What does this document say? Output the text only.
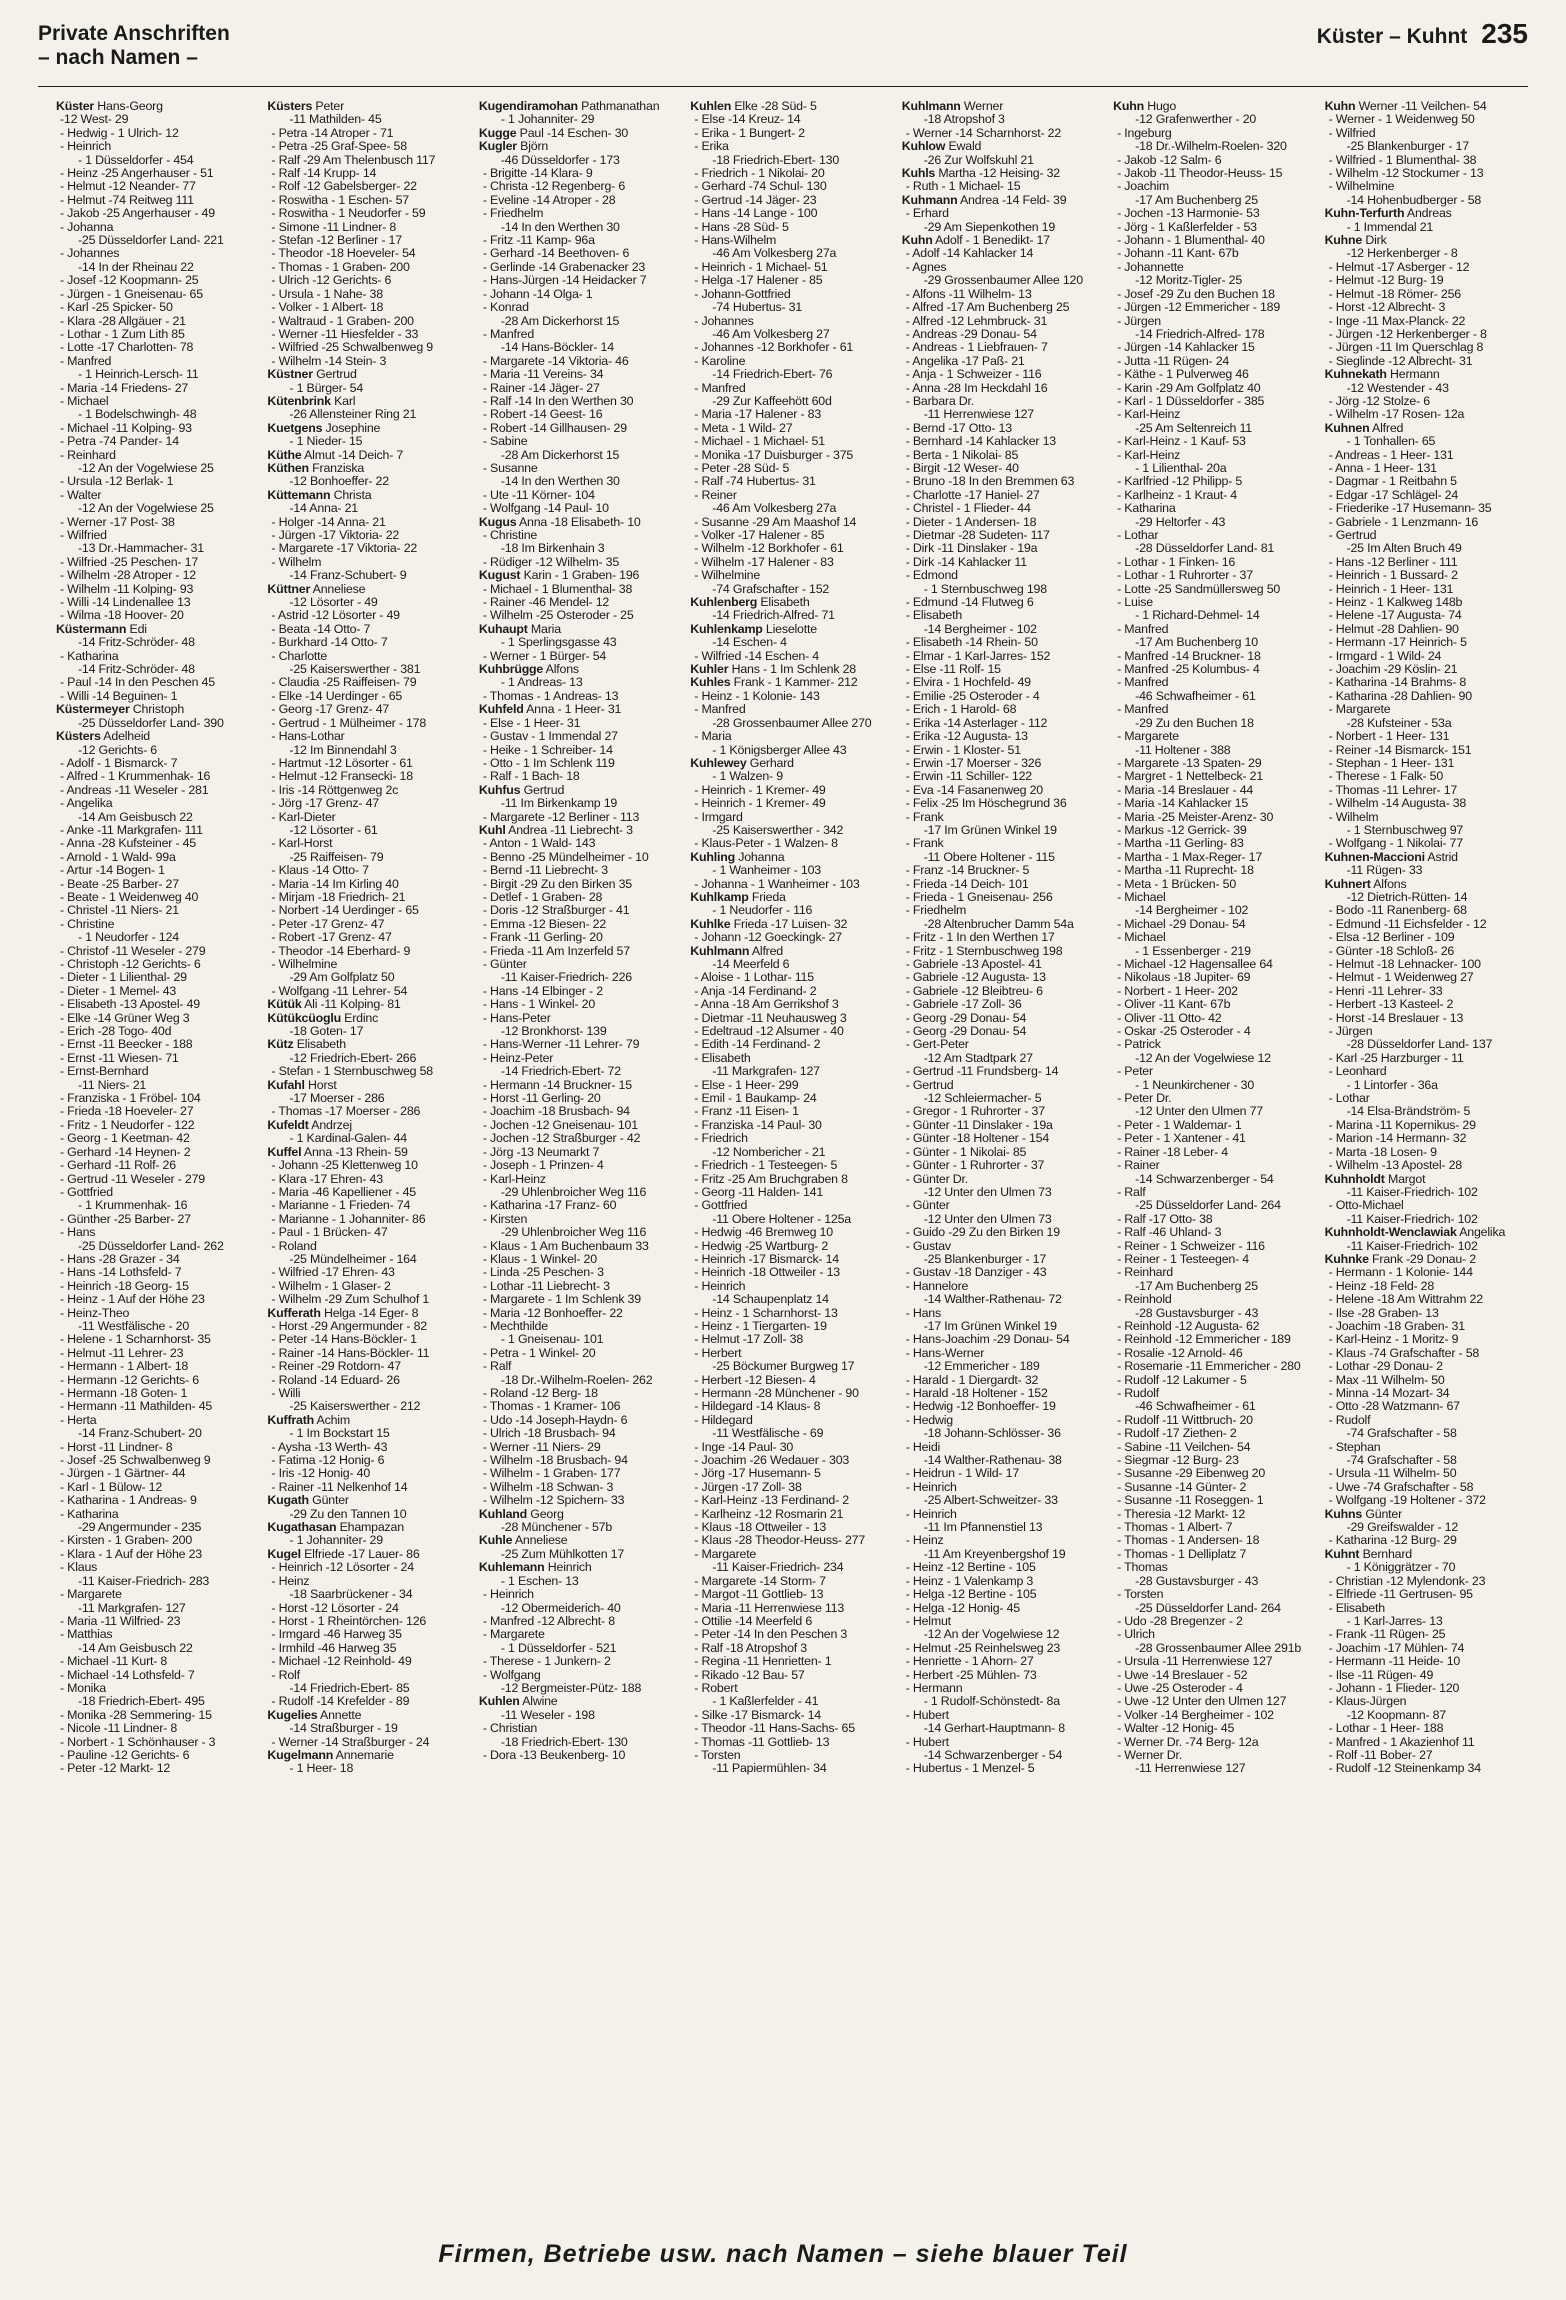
Private Anschriften
– nach Namen –
Küster – Kuhnt 235
Küster Hans-Georg
-12 West- 29
- Hedwig - 1 Ulrich- 12
- Heinrich
- 1 Düsseldorfer - 454
- Heinz -25 Angerhauser - 51
- Helmut -12 Neander- 77
- Helmut -74 Reitweg 111
- Jakob -25 Angerhauser - 49
- Johanna
-25 Düsseldorfer Land- 221
- Johannes
-14 In der Rheinau 22
- Josef -12 Koopmann- 25
- Jürgen - 1 Gneisenau- 65
- Karl -25 Spicker- 50
- Klara -28 Allgäuer - 21
- Lothar - 1 Zum Lith 85
- Lotte -17 Charlotten- 78
- Manfred
- 1 Heinrich-Lersch- 11
- Maria -14 Friedens- 27
- Michael
- 1 Bodelschwingh- 48
- Michael -11 Kolping- 93
- Petra -74 Pander- 14
- Reinhard
-12 An der Vogelwiese 25
- Ursula -12 Berlak- 1
- Walter
-12 An der Vogelwiese 25
- Werner -17 Post- 38
- Wilfried
-13 Dr.-Hammacher- 31
- Wilfried -25 Peschen- 17
- Wilhelm -28 Atroper - 12
- Wilhelm -11 Kolping- 93
- Willi -14 Lindenallee 13
- Wilma -18 Hoover- 20
Küstermann Edi
-14 Fritz-Schröder- 48
- Katharina
-14 Fritz-Schröder- 48
- Paul -14 In den Peschen 45
- Willi -14 Beguinen- 1
Küstermeyer Christoph
-25 Düsseldorfer Land- 390
Küsters Adelheid
-12 Gerichts- 6
- Adolf - 1 Bismarck- 7
- Alfred - 1 Krummenhak- 16
- Andreas -11 Weseler - 281
- Angelika
-14 Am Geisbusch 22
- Anke -11 Markgrafen- 111
- Anna -28 Kufsteiner - 45
- Arnold - 1 Wald- 99a
- Artur -14 Bogen- 1
- Beate -25 Barber- 27
- Beate - 1 Weidenweg 40
- Christel -11 Niers- 21
- Christine
- 1 Neudorfer - 124
- Christof -11 Weseler - 279
- Christoph -12 Gerichts- 6
- Dieter - 1 Lilienthal- 29
- Dieter - 1 Memel- 43
- Elisabeth -13 Apostel- 49
- Elke -14 Grüner Weg 3
- Erich -28 Togo- 40d
- Ernst -11 Beecker - 188
- Ernst -11 Wiesen- 71
- Ernst-Bernhard
-11 Niers- 21
- Franziska - 1 Fröbel- 104
- Frieda -18 Hoeveler- 27
- Fritz - 1 Neudorfer - 122
- Georg - 1 Keetman- 42
- Gerhard -14 Heynen- 2
- Gerhard -11 Rolf- 26
- Gertrud -11 Weseler - 279
- Gottfried
- 1 Krummenhak- 16
- Günther -25 Barber- 27
- Hans
-25 Düsseldorfer Land- 262
- Hans -28 Grazer - 34
- Hans -14 Lothsfeld- 7
- Heinrich -18 Georg- 15
- Heinz - 1 Auf der Höhe 23
- Heinz-Theo
-11 Westfälische - 20
- Helene - 1 Scharnhorst- 35
- Helmut -11 Lehrer- 23
- Hermann - 1 Albert- 18
- Hermann -12 Gerichts- 6
- Hermann -18 Goten- 1
- Hermann -11 Mathilden- 45
- Herta
-14 Franz-Schubert- 20
- Horst -11 Lindner- 8
- Josef -25 Schwalbenweg 9
- Jürgen - 1 Gärtner- 44
- Karl - 1 Bülow- 12
- Katharina - 1 Andreas- 9
- Katharina
-29 Angermunder - 235
- Kirsten - 1 Graben- 200
- Klara - 1 Auf der Höhe 23
- Klaus
-11 Kaiser-Friedrich- 283
- Margarete
-11 Markgrafen- 127
- Maria -11 Wilfried- 23
- Matthias
-14 Am Geisbusch 22
- Michael -11 Kurt- 8
- Michael -14 Lothsfeld- 7
- Monika
-18 Friedrich-Ebert- 495
- Monika -28 Semmering- 15
- Nicole -11 Lindner- 8
- Norbert - 1 Schönhauser - 3
- Pauline -12 Gerichts- 6
- Peter -12 Markt- 12
Küsters Peter
-11 Mathilden- 45
- Petra -14 Atroper - 71
- Petra -25 Graf-Spee- 58
- Ralf -29 Am Thelenbusch 117
- Ralf -14 Krupp- 14
- Rolf -12 Gabelsberger- 22
- Roswitha - 1 Eschen- 57
- Roswitha - 1 Neudorfer - 59
- Simone -11 Lindner- 8
- Stefan -12 Berliner - 17
- Theodor -18 Hoeveler- 54
- Thomas - 1 Graben- 200
- Ulrich -12 Gerichts- 6
- Ursula - 1 Nahe- 38
- Volker - 1 Albert- 18
- Waltraud - 1 Graben- 200
- Werner -11 Hiesfelder - 33
- Wilfried -25 Schwalbenweg 9
- Wilhelm -14 Stein- 3
Küstner Gertrud
- 1 Bürger- 54
Kütenbrink Karl
-26 Allensteiner Ring 21
Kuetgens Josephine
- 1 Nieder- 15
Küthe Almut -14 Deich- 7
Küthen Franziska
-12 Bonhoeffer- 22
Küttemann Christa
-14 Anna- 21
- Holger -14 Anna- 21
- Jürgen -17 Viktoria- 22
- Margarete -17 Viktoria- 22
- Wilhelm
-14 Franz-Schubert- 9
Küttner Anneliese
-12 Lösorter - 49
- Astrid -12 Lösorter - 49
- Beata -14 Otto- 7
- Burkhard -14 Otto- 7
- Charlotte
-25 Kaiserswerther - 381
- Claudia -25 Raiffeisen- 79
- Elke -14 Uerdinger - 65
- Georg -17 Grenz- 47
- Gertrud - 1 Mülheimer - 178
- Hans-Lothar
-12 Im Binnendahl 3
- Hartmut -12 Lösorter - 61
- Helmut -12 Fransecki- 18
- Iris -14 Röttgenweg 2c
- Jörg -17 Grenz- 47
- Karl-Dieter
-12 Lösorter - 61
- Karl-Horst
-25 Raiffeisen- 79
- Klaus -14 Otto- 7
- Maria -14 Im Kirling 40
- Mirjam -18 Friedrich- 21
- Norbert -14 Uerdinger - 65
- Peter -17 Grenz- 47
- Robert -17 Grenz- 47
- Theodor -14 Eberhard- 9
- Wilhelmine
-29 Am Golfplatz 50
- Wolfgang -11 Lehrer- 54
Kütük Ali -11 Kolping- 81
Kütükcüoglu Erdinc
-18 Goten- 17
Kütz Elisabeth
-12 Friedrich-Ebert- 266
- Stefan - 1 Sternbuschweg 58
Kufahl Horst
-17 Moerser - 286
- Thomas -17 Moerser - 286
Kufeldt Andrzej
- 1 Kardinal-Galen- 44
Kuffel Anna -13 Rhein- 59
- Johann -25 Klettenweg 10
- Klara -17 Ehren- 43
- Maria -46 Kapelliener - 45
- Marianne - 1 Frieden- 74
- Marianne - 1 Johanniter- 86
- Paul - 1 Brücken- 47
- Roland
-25 Mündelheimer - 164
- Wilfried -17 Ehren- 43
- Wilhelm - 1 Glaser- 2
- Wilhelm -29 Zum Schulhof 1
Kufferath Helga -14 Eger- 8
- Horst -29 Angermunder - 82
- Peter -14 Hans-Böckler- 1
- Rainer -14 Hans-Böckler- 11
- Reiner -29 Rotdorn- 47
- Roland -14 Eduard- 26
- Willi
-25 Kaiserswerther - 212
Kuffrath Achim
- 1 Im Bockstart 15
- Aysha -13 Werth- 43
- Fatima -12 Honig- 6
- Iris -12 Honig- 40
- Rainer -11 Nelkenhof 14
Kugath Günter
-29 Zu den Tannen 10
Kugathasan Ehampazan
- 1 Johanniter- 29
Kugel Elfriede -17 Lauer- 86
- Heinrich -12 Lösorter - 24
- Heinz
-18 Saarbrückener - 34
- Horst -12 Lösorter - 24
- Horst - 1 Rheintörchen- 126
- Irmgard -46 Harweg 35
- Irmhild -46 Harweg 35
- Michael -12 Reinhold- 49
- Rolf
-14 Friedrich-Ebert- 85
- Rudolf -14 Krefelder - 89
Kugelies Annette
-14 Straßburger - 19
- Werner -14 Straßburger - 24
Kugelmann Annemarie
- 1 Heer- 18
Kugendiramohan Pathmanathan
- 1 Johanniter- 29
Kugge Paul -14 Eschen- 30
Kugler Björn
-46 Düsseldorfer - 173
- Brigitte -14 Klara- 9
- Christa -12 Regenberg- 6
- Eveline -14 Atroper - 28
- Friedhelm
-14 In den Werthen 30
- Fritz -11 Kamp- 96a
- Gerhard -14 Beethoven- 6
- Gerlinde -14 Grabenacker 23
- Hans-Jürgen -14 Heidacker 7
- Johann -14 Olga- 1
- Konrad
-28 Am Dickerhorst 15
- Manfred
-14 Hans-Böckler- 14
- Margarete -14 Viktoria- 46
- Maria -11 Vereins- 34
- Rainer -14 Jäger- 27
- Ralf -14 In den Werthen 30
- Robert -14 Geest- 16
- Robert -14 Gillhausen- 29
- Sabine
-28 Am Dickerhorst 15
- Susanne
-14 In den Werthen 30
- Ute -11 Körner- 104
- Wolfgang -14 Paul- 10
Kugus Anna -18 Elisabeth- 10
- Christine
-18 Im Birkenhain 3
- Rüdiger -12 Wilhelm- 35
Kugust Karin - 1 Graben- 196
- Michael - 1 Blumenthal- 38
- Rainer -46 Mendel- 12
- Wilhelm -25 Osteroder - 25
Kuhaupt Maria
- 1 Sperlingsgasse 43
- Werner - 1 Bürger- 54
Kuhbrügge Alfons
- 1 Andreas- 13
- Thomas - 1 Andreas- 13
Kuhfeld Anna - 1 Heer- 31
- Else - 1 Heer- 31
- Gustav - 1 Immendal 27
- Heike - 1 Schreiber- 14
- Otto - 1 Im Schlenk 119
- Ralf - 1 Bach- 18
Kuhfus Gertrud
-11 Im Birkenkamp 19
- Margarete -12 Berliner - 113
Kuhl Andrea -11 Liebrecht- 3
- Anton - 1 Wald- 143
- Benno -25 Mündelheimer - 10
- Bernd -11 Liebrecht- 3
- Birgit -29 Zu den Birken 35
- Detlef - 1 Graben- 28
- Doris -12 Straßburger - 41
- Emma -12 Biesen- 22
- Frank -11 Gerling- 20
- Frieda -11 Am Inzerfeld 57
- Günter
-11 Kaiser-Friedrich- 226
- Hans -14 Elbinger - 2
- Hans - 1 Winkel- 20
- Hans-Peter
-12 Bronkhorst- 139
- Hans-Werner -11 Lehrer- 79
- Heinz-Peter
-14 Friedrich-Ebert- 72
- Hermann -14 Bruckner- 15
- Horst -11 Gerling- 20
- Joachim -18 Brusbach- 94
- Jochen -12 Gneisenau- 101
- Jochen -12 Straßburger - 42
- Jörg -13 Neumarkt 7
- Joseph - 1 Prinzen- 4
- Karl-Heinz
-29 Uhlenbroicher Weg 116
- Katharina -17 Franz- 60
- Kirsten
-29 Uhlenbroicher Weg 116
- Klaus - 1 Am Buchenbaum 33
- Klaus - 1 Winkel- 20
- Linda -25 Peschen- 3
- Lothar -11 Liebrecht- 3
- Margarete - 1 Im Schlenk 39
- Maria -12 Bonhoeffer- 22
- Mechthilde
- 1 Gneisenau- 101
- Petra - 1 Winkel- 20
- Ralf
-18 Dr.-Wilhelm-Roelen- 262
- Roland -12 Berg- 18
- Thomas - 1 Kramer- 106
- Udo -14 Joseph-Haydn- 6
- Ulrich -18 Brusbach- 94
- Werner -11 Niers- 29
- Wilhelm -18 Brusbach- 94
- Wilhelm - 1 Graben- 177
- Wilhelm -18 Schwan- 3
- Wilhelm -12 Spichern- 33
Kuhland Georg
-28 Münchener - 57b
Kuhle Anneliese
-25 Zum Mühlkotten 17
Kuhlemann Heinrich
- 1 Eschen- 13
- Heinrich
-12 Obermeiderich- 40
- Manfred -12 Albrecht- 8
- Margarete
- 1 Düsseldorfer - 521
- Therese - 1 Junkern- 2
- Wolfgang
-12 Bergmeister-Pütz- 188
Kuhlen Alwine
-11 Weseler - 198
- Christian
-18 Friedrich-Ebert- 130
- Dora -13 Beukenberg- 10
Kuhlen Elke -28 Süd- 5
- Else -14 Kreuz- 14
- Erika - 1 Bungert- 2
- Erika
-18 Friedrich-Ebert- 130
- Friedrich - 1 Nikolai- 20
- Gerhard -74 Schul- 130
- Gertrud -14 Jäger- 23
- Hans -14 Lange - 100
- Hans -28 Süd- 5
- Hans-Wilhelm
-46 Am Volkesberg 27a
- Heinrich - 1 Michael- 51
- Helga -17 Halener - 85
- Johann-Gottfried
-74 Hubertus- 31
- Johannes
-46 Am Volkesberg 27
- Johannes -12 Borkhofer - 61
- Karoline
-14 Friedrich-Ebert- 76
- Manfred
-29 Zur Kaffeehött 60d
- Maria -17 Halener - 83
- Meta - 1 Wild- 27
- Michael - 1 Michael- 51
- Monika -17 Duisburger - 375
- Peter -28 Süd- 5
- Ralf -74 Hubertus- 31
- Reiner
-46 Am Volkesberg 27a
- Susanne -29 Am Maashof 14
- Volker -17 Halener - 85
- Wilhelm -12 Borkhofer - 61
- Wilhelm -17 Halener - 83
- Wilhelmine
-74 Grafschafter - 152
Kuhlenberg Elisabeth
-14 Friedrich-Alfred- 71
Kuhlenkamp Lieselotte
-14 Eschen- 4
- Wilfried -14 Eschen- 4
Kuhler Hans - 1 Im Schlenk 28
Kuhles Frank - 1 Kammer- 212
- Heinz - 1 Kolonie- 143
- Manfred
-28 Grossenbaumer Allee 270
- Maria
- 1 Königsberger Allee 43
Kuhlewey Gerhard
- 1 Walzen- 9
- Heinrich - 1 Kremer- 49
- Heinrich - 1 Kremer- 49
- Irmgard
-25 Kaiserswerther - 342
- Klaus-Peter - 1 Walzen- 8
Kuhling Johanna
- 1 Wanheimer - 103
- Johanna - 1 Wanheimer - 103
Kuhlkamp Frieda
- 1 Neudorfer - 116
Kuhlke Frieda -17 Luisen- 32
- Johann -12 Goeckingk- 27
Kuhlmann Alfred
-14 Meerfeld 6
- Aloise - 1 Lothar- 115
- Anja -14 Ferdinand- 2
- Anna -18 Am Gerrikshof 3
- Dietmar -11 Neuhausweg 3
- Edeltraud -12 Alsumer - 40
- Edith -14 Ferdinand- 2
- Elisabeth
-11 Markgrafen- 127
- Else - 1 Heer- 299
- Emil - 1 Baukamp- 24
- Franz -11 Eisen- 1
- Franziska -14 Paul- 30
- Friedrich
-12 Nombericher - 21
- Friedrich - 1 Testeegen- 5
- Fritz -25 Am Bruchgraben 8
- Georg -11 Halden- 141
- Gottfried
-11 Obere Holtener - 125a
- Hedwig -46 Bremweg 10
- Hedwig -25 Wartburg- 2
- Heinrich -17 Bismarck- 14
- Heinrich -18 Ottweiler - 13
- Heinrich
-14 Schaupenplatz 14
- Heinz - 1 Scharnhorst- 13
- Heinz - 1 Tiergarten- 19
- Helmut -17 Zoll- 38
- Herbert
-25 Böckumer Burgweg 17
- Herbert -12 Biesen- 4
- Hermann -28 Münchener - 90
- Hildegard -14 Klaus- 8
- Hildegard
-11 Westfälische - 69
- Inge -14 Paul- 30
- Joachim -26 Wedauer - 303
- Jörg -17 Husemann- 5
- Jürgen -17 Zoll- 38
- Karl-Heinz -13 Ferdinand- 2
- Karlheinz -12 Rosmarin 21
- Klaus -18 Ottweiler - 13
- Klaus -28 Theodor-Heuss- 277
- Margarete
-11 Kaiser-Friedrich- 234
- Margarete -14 Storm- 7
- Margot -11 Gottlieb- 13
- Maria -11 Herrenwiese 113
- Ottilie -14 Meerfeld 6
- Peter -14 In den Peschen 3
- Ralf -18 Atropshof 3
- Regina -11 Henrietten- 1
- Rikado -12 Bau- 57
- Robert
- 1 Kaßlerfelder - 41
- Silke -17 Bismarck- 14
- Theodor -11 Hans-Sachs- 65
- Thomas -11 Gottlieb- 13
- Torsten
-11 Papiermühlen- 34
Kuhlmann Werner
-18 Atropshof 3
- Werner -14 Scharnhorst- 22
Kuhlow Ewald
-26 Zur Wolfskuhl 21
Kuhls Martha -12 Heising- 32
- Ruth - 1 Michael- 15
Kuhmann Andrea -14 Feld- 39
- Erhard
-29 Am Siepenkothen 19
Kuhn Adolf - 1 Benedikt- 17
- Adolf -14 Kahlacker 14
- Agnes
-29 Grossenbaumer Allee 120
- Alfons -11 Wilhelm- 13
- Alfred -17 Am Buchenberg 25
- Alfred -12 Lehmbruck- 31
- Andreas -29 Donau- 54
- Andreas - 1 Liebfrauen- 7
- Angelika -17 Paß- 21
- Anja - 1 Schweizer - 116
- Anna -28 Im Heckdahl 16
- Barbara Dr.
-11 Herrenwiese 127
- Bernd -17 Otto- 13
- Bernhard -14 Kahlacker 13
- Berta - 1 Nikolai- 85
- Birgit -12 Weser- 40
- Bruno -18 In den Bremmen 63
- Charlotte -17 Haniel- 27
- Christel - 1 Flieder- 44
- Dieter - 1 Andersen- 18
- Dietmar -28 Sudeten- 117
- Dirk -11 Dinslaker - 19a
- Dirk -14 Kahlacker 11
- Edmond
- 1 Sternbuschweg 198
- Edmund -14 Flutweg 6
- Elisabeth
-14 Bergheimer - 102
- Elisabeth -14 Rhein- 50
- Elmar - 1 Karl-Jarres- 152
- Else -11 Rolf- 15
- Elvira - 1 Hochfeld- 49
- Emilie -25 Osteroder - 4
- Erich - 1 Harold- 68
- Erika -14 Asterlager - 112
- Erika -12 Augusta- 13
- Erwin - 1 Kloster- 51
- Erwin -17 Moerser - 326
- Erwin -11 Schiller- 122
- Eva -14 Fasanenweg 20
- Felix -25 Im Höschegrund 36
- Frank
-17 Im Grünen Winkel 19
- Frank
-11 Obere Holtener - 115
- Franz -14 Bruckner- 5
- Frieda -14 Deich- 101
- Frieda - 1 Gneisenau- 256
- Friedhelm
-28 Altenbrucher Damm 54a
- Fritz - 1 In den Werthen 17
- Fritz - 1 Sternbuschweg 198
- Gabriele -13 Apostel- 41
- Gabriele -12 Augusta- 13
- Gabriele -12 Bleibtreu- 6
- Gabriele -17 Zoll- 36
- Georg -29 Donau- 54
- Georg -29 Donau- 54
- Gert-Peter
-12 Am Stadtpark 27
- Gertrud -11 Frundsberg- 14
- Gertrud
-12 Schleiermacher- 5
- Gregor - 1 Ruhrorter - 37
- Günter -11 Dinslaker - 19a
- Günter -18 Holtener - 154
- Günter - 1 Nikolai- 85
- Günter - 1 Ruhrorter - 37
- Günter Dr.
-12 Unter den Ulmen 73
- Günter
-12 Unter den Ulmen 73
- Guido -29 Zu den Birken 19
- Gustav
-25 Blankenburger - 17
- Gustav -18 Danziger - 43
- Hannelore
-14 Walther-Rathenau- 72
- Hans
-17 Im Grünen Winkel 19
- Hans-Joachim -29 Donau- 54
- Hans-Werner
-12 Emmericher - 189
- Harald - 1 Diergardt- 32
- Harald -18 Holtener - 152
- Hedwig -12 Bonhoeffer- 19
- Hedwig
-18 Johann-Schlösser- 36
- Heidi
-14 Walther-Rathenau- 38
- Heidrun - 1 Wild- 17
- Heinrich
-25 Albert-Schweitzer- 33
- Heinrich
-11 Im Pfannenstiel 13
- Heinz
-11 Am Kreyenbergshof 19
- Heinz -12 Bertine - 105
- Heinz - 1 Valenkamp 3
- Helga -12 Bertine - 105
- Helga -12 Honig- 45
- Helmut
-12 An der Vogelwiese 12
- Helmut -25 Reinhelsweg 23
- Henriette - 1 Ahorn- 27
- Herbert -25 Mühlen- 73
- Hermann
- 1 Rudolf-Schönstedt- 8a
- Hubert
-14 Gerhart-Hauptmann- 8
- Hubert
-14 Schwarzenberger - 54
- Hubertus - 1 Menzel- 5
Kuhn Hugo
-12 Grafenwerther - 20
- Ingeburg
-18 Dr.-Wilhelm-Roelen- 320
- Jakob -12 Salm- 6
- Jakob -11 Theodor-Heuss- 15
- Joachim
-17 Am Buchenberg 25
- Jochen -13 Harmonie- 53
- Jörg - 1 Kaßlerfelder - 53
- Johann - 1 Blumenthal- 40
- Johann -11 Kant- 67b
- Johannette
-12 Moritz-Tigler- 25
- Josef -29 Zu den Buchen 18
- Jürgen -12 Emmericher - 189
- Jürgen
-14 Friedrich-Alfred- 178
- Jürgen -14 Kahlacker 15
- Jutta -11 Rügen- 24
- Käthe - 1 Pulverweg 46
- Karin -29 Am Golfplatz 40
- Karl - 1 Düsseldorfer - 385
- Karl-Heinz
-25 Am Seltenreich 11
- Karl-Heinz - 1 Kauf- 53
- Karl-Heinz
- 1 Lilienthal- 20a
- Karlfried -12 Philipp- 5
- Karlheinz - 1 Kraut- 4
- Katharina
-29 Heltorfer - 43
- Lothar
-28 Düsseldorfer Land- 81
- Lothar - 1 Finken- 16
- Lothar - 1 Ruhrorter - 37
- Lotte -25 Sandmüllersweg 50
- Luise
- 1 Richard-Dehmel- 14
- Manfred
-17 Am Buchenberg 10
- Manfred -14 Bruckner- 18
- Manfred -25 Kolumbus- 4
- Manfred
-46 Schwafheimer - 61
- Manfred
-29 Zu den Buchen 18
- Margarete
-11 Holtener - 388
- Margarete -13 Spaten- 29
- Margret - 1 Nettelbeck- 21
- Maria -14 Breslauer - 44
- Maria -14 Kahlacker 15
- Maria -25 Meister-Arenz- 30
- Markus -12 Gerrick- 39
- Martha -11 Gerling- 83
- Martha - 1 Max-Reger- 17
- Martha -11 Ruprecht- 18
- Meta - 1 Brücken- 50
- Michael
-14 Bergheimer - 102
- Michael -29 Donau- 54
- Michael
- 1 Essenberger - 219
- Michael -12 Hagensallee 64
- Nikolaus -18 Jupiter- 69
- Norbert - 1 Heer- 202
- Oliver -11 Kant- 67b
- Oliver -11 Otto- 42
- Oskar -25 Osteroder - 4
- Patrick
-12 An der Vogelwiese 12
- Peter
- 1 Neunkirchener - 30
- Peter Dr.
-12 Unter den Ulmen 77
- Peter - 1 Waldemar- 1
- Peter - 1 Xantener - 41
- Rainer -18 Leber- 4
- Rainer
-14 Schwarzenberger - 54
- Ralf
-25 Düsseldorfer Land- 264
- Ralf -17 Otto- 38
- Ralf -46 Uhland- 3
- Reiner - 1 Schweizer - 116
- Reiner - 1 Testeegen- 4
- Reinhard
-17 Am Buchenberg 25
- Reinhold
-28 Gustavsburger - 43
- Reinhold -12 Augusta- 62
- Reinhold -12 Emmericher - 189
- Rosalie -12 Arnold- 46
- Rosemarie -11 Emmericher - 280
- Rudolf -12 Lakumer - 5
- Rudolf
-46 Schwafheimer - 61
- Rudolf -11 Wittbruch- 20
- Rudolf -17 Ziethen- 2
- Sabine -11 Veilchen- 54
- Siegmar -12 Burg- 23
- Susanne -29 Eibenweg 20
- Susanne -14 Günter- 2
- Susanne -11 Roseggen- 1
- Theresia -12 Markt- 12
- Thomas - 1 Albert- 7
- Thomas - 1 Andersen- 18
- Thomas - 1 Delliplatz 7
- Thomas
-28 Gustavsburger - 43
- Torsten
-25 Düsseldorfer Land- 264
- Udo -28 Bregenzer - 2
- Ulrich
-28 Grossenbaumer Allee 291b
- Ursula -11 Herrenwiese 127
- Uwe -14 Breslauer - 52
- Uwe -25 Osteroder - 4
- Uwe -12 Unter den Ulmen 127
- Volker -14 Bergheimer - 102
- Walter -12 Honig- 45
- Werner Dr. -74 Berg- 12a
- Werner Dr.
-11 Herrenwiese 127
Kuhn Werner -11 Veilchen- 54
- Werner - 1 Weidenweg 50
- Wilfried
-25 Blankenburger - 17
- Wilfried - 1 Blumenthal- 38
- Wilhelm -12 Stockumer - 13
- Wilhelmine
-14 Hohenbudberger - 58
Kuhn-Terfurth Andreas
- 1 Immendal 21
Kuhne Dirk
-12 Herkenberger - 8
- Helmut -17 Asberger - 12
- Helmut -12 Burg- 19
- Helmut -18 Römer- 256
- Horst -12 Albrecht- 3
- Inge -11 Max-Planck- 22
- Jürgen -12 Herkenberger - 8
- Jürgen -11 Im Querschlag 8
- Sieglinde -12 Albrecht- 31
Kuhnekath Hermann
-12 Westender - 43
- Jörg -12 Stolze- 6
- Wilhelm -17 Rosen- 12a
Kuhnen Alfred
- 1 Tonhallen- 65
- Andreas - 1 Heer- 131
- Anna - 1 Heer- 131
- Dagmar - 1 Reitbahn 5
- Edgar -17 Schlägel- 24
- Friederike -17 Husemann- 35
- Gabriele - 1 Lenzmann- 16
- Gertrud
-25 Im Alten Bruch 49
- Hans -12 Berliner - 111
- Heinrich - 1 Bussard- 2
- Heinrich - 1 Heer- 131
- Heinz - 1 Kalkweg 148b
- Helene -17 Augusta- 74
- Helmut -28 Dahlien- 90
- Hermann -17 Heinrich- 5
- Irmgard - 1 Wild- 24
- Joachim -29 Köslin- 21
- Katharina -14 Brahms- 8
- Katharina -28 Dahlien- 90
- Margarete
-28 Kufsteiner - 53a
- Norbert - 1 Heer- 131
- Reiner -14 Bismarck- 151
- Stephan - 1 Heer- 131
- Therese - 1 Falk- 50
- Thomas -11 Lehrer- 17
- Wilhelm -14 Augusta- 38
- Wilhelm
- 1 Sternbuschweg 97
- Wolfgang - 1 Nikolai- 77
Kuhnen-Maccioni Astrid
-11 Rügen- 33
Kuhnert Alfons
-12 Dietrich-Rütten- 14
- Bodo -11 Ranenberg- 68
- Edmund -11 Eichsfelder - 12
- Elsa -12 Berliner - 109
- Günter -18 Schloß- 26
- Helmut -18 Lehnacker- 100
- Helmut - 1 Weidenweg 27
- Henri -11 Lehrer- 33
- Herbert -13 Kasteel- 2
- Horst -14 Breslauer - 13
- Jürgen
-28 Düsseldorfer Land- 137
- Karl -25 Harzburger - 11
- Leonhard
- 1 Lintorfer - 36a
- Lothar
-14 Elsa-Brändström- 5
- Marina -11 Kopernikus- 29
- Marion -14 Hermann- 32
- Marta -18 Losen- 9
- Wilhelm -13 Apostel- 28
Kuhnholdt Margot
-11 Kaiser-Friedrich- 102
- Otto-Michael
-11 Kaiser-Friedrich- 102
Kuhnholdt-Wenclawiak Angelika
-11 Kaiser-Friedrich- 102
Kuhnke Frank -29 Donau- 2
- Hermann - 1 Kolonie- 144
- Heinz -18 Feld- 28
- Helene -18 Am Wittrahm 22
- Ilse -28 Graben- 13
- Joachim -18 Graben- 31
- Karl-Heinz - 1 Moritz- 9
- Klaus -74 Grafschafter - 58
- Lothar -29 Donau- 2
- Max -11 Wilhelm- 50
- Minna -14 Mozart- 34
- Otto -28 Watzmann- 67
- Rudolf
-74 Grafschafter - 58
- Stephan
-74 Grafschafter - 58
- Ursula -11 Wilhelm- 50
- Uwe -74 Grafschafter - 58
- Wolfgang -19 Holtener - 372
Kuhns Günter
-29 Greifswalder - 12
- Katharina -12 Burg- 29
Kuhnt Bernhard
- 1 Königgrätzer - 70
- Christian -12 Mylendonk- 23
- Elfriede -11 Gertrusen- 95
- Elisabeth
- 1 Karl-Jarres- 13
- Frank -11 Rügen- 25
- Joachim -17 Mühlen- 74
- Hermann -11 Heide- 10
- Ilse -11 Rügen- 49
- Johann - 1 Flieder- 120
- Klaus-Jürgen
-12 Koopmann- 87
- Lothar - 1 Heer- 188
- Manfred - 1 Akazienhof 11
- Rolf -11 Bober- 27
- Rudolf -12 Steinenkamp 34
Firmen, Betriebe usw. nach Namen – siehe blauer Teil
